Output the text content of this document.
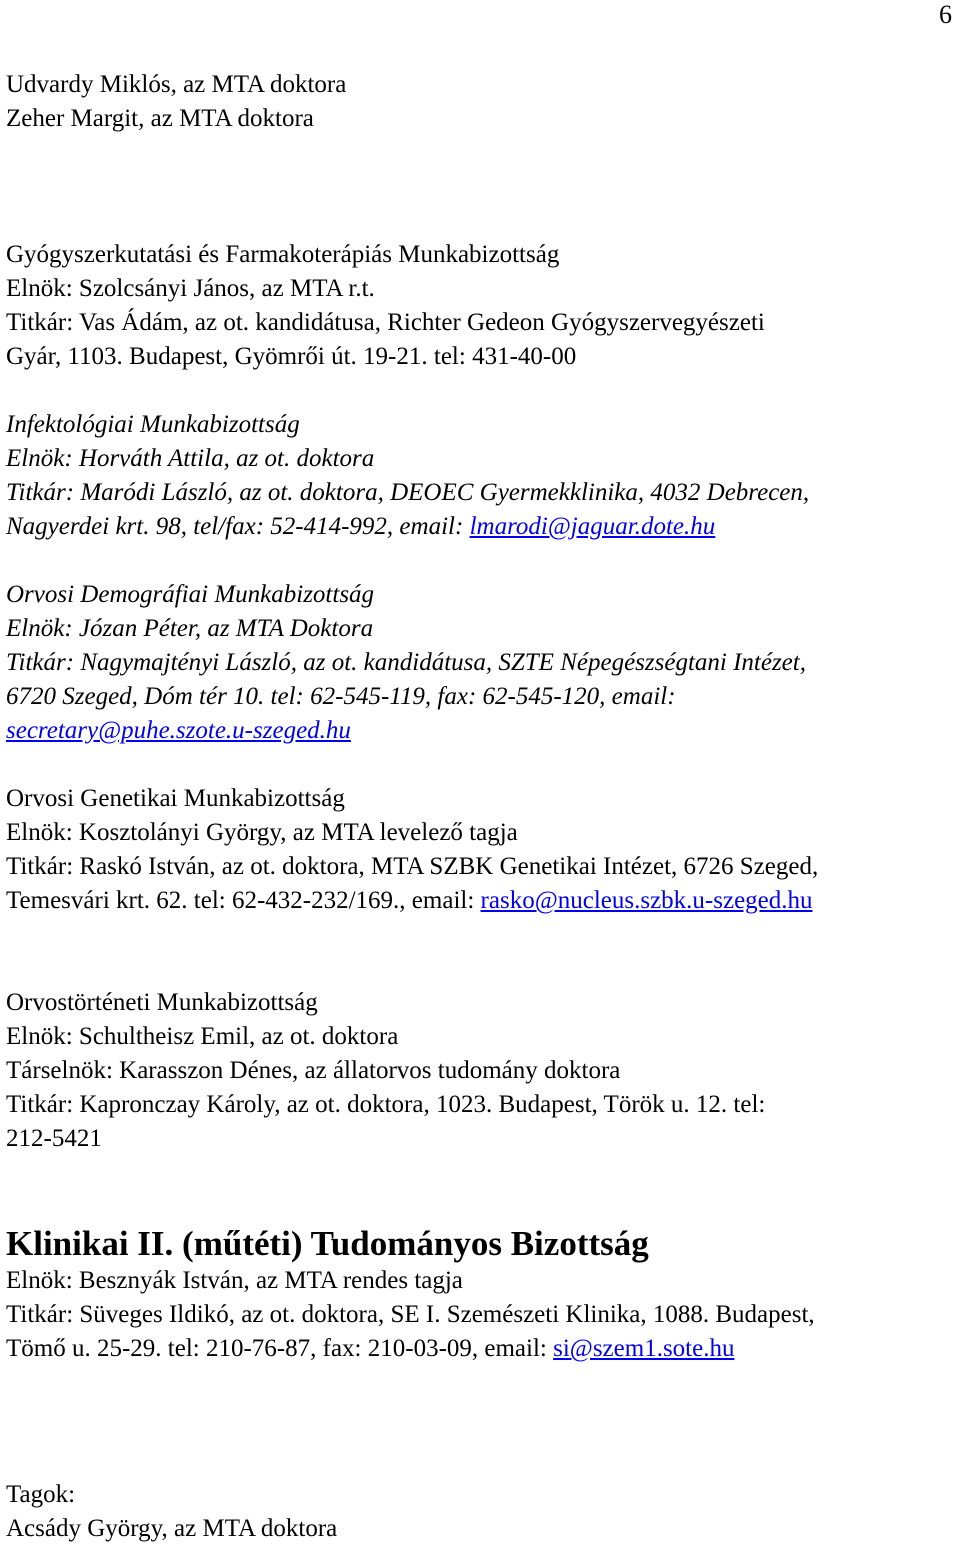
6
Udvardy Miklós, az MTA doktora
Zeher Margit, az MTA doktora
Gyógyszerkutatási és Farmakoterápiás Munkabizottság
Elnök: Szolcsányi János, az MTA r.t.
Titkár: Vas Ádám, az ot. kandidátusa, Richter Gedeon Gyógyszervegyészeti
Gyár, 1103. Budapest, Gyömrői út. 19-21. tel: 431-40-00
Infektológiai Munkabizottság
Elnök: Horváth Attila, az ot. doktora
Titkár: Maródi László, az ot. doktora, DEOEC Gyermekklinika, 4032 Debrecen,
Nagyerdei krt. 98, tel/fax: 52-414-992, email: lmarodi@jaguar.dote.hu
Orvosi Demográfiai Munkabizottság
Elnök: Józan Péter, az MTA Doktora
Titkár: Nagymajtényi László, az ot. kandidátusa, SZTE Népegészségtani Intézet,
6720 Szeged, Dóm tér 10. tel: 62-545-119, fax: 62-545-120, email:
secretary@puhe.szote.u-szeged.hu
Orvosi Genetikai Munkabizottság
Elnök: Kosztolányi György, az MTA levelező tagja
Titkár: Raskó István, az ot. doktora, MTA SZBK Genetikai Intézet, 6726 Szeged,
Temesvári krt. 62. tel: 62-432-232/169., email: rasko@nucleus.szbk.u-szeged.hu
Orvostörténeti Munkabizottság
Elnök: Schultheisz Emil, az ot. doktora
Társelnök: Karasszon Dénes, az állatorvos tudomány doktora
Titkár: Kapronczay Károly, az ot. doktora, 1023. Budapest, Török u. 12. tel:
212-5421
Klinikai II. (műtéti) Tudományos Bizottság
Elnök: Besznyák István, az MTA rendes tagja
Titkár: Süveges Ildikó, az ot. doktora, SE I. Szemészeti Klinika, 1088. Budapest,
Tömő u. 25-29. tel: 210-76-87, fax: 210-03-09, email: si@szem1.sote.hu
Tagok:
Acsády György, az MTA doktora
